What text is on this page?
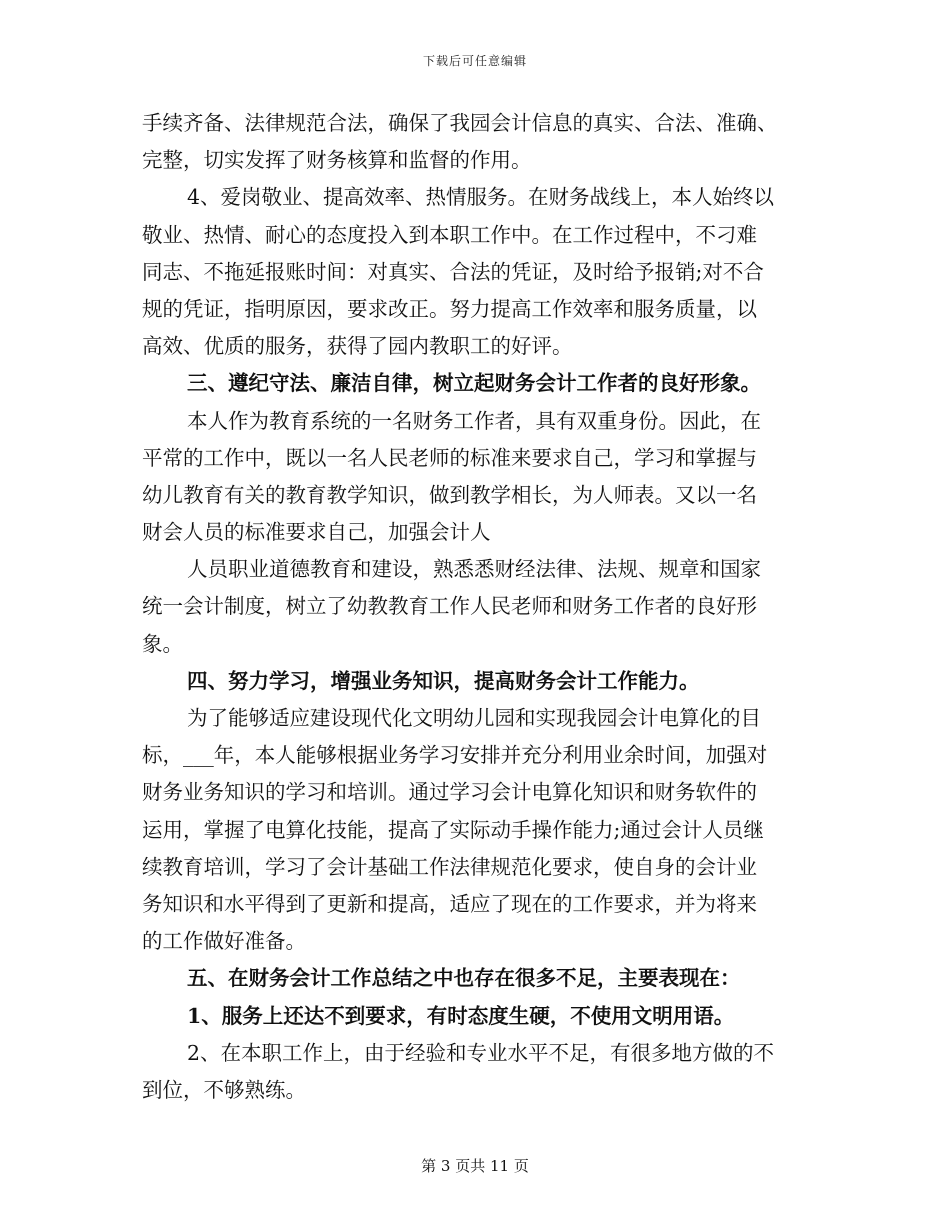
下载后可任意编辑
手续齐备、法律规范合法，确保了我园会计信息的真实、合法、准确、
完整，切实发挥了财务核算和监督的作用。
4、爱岗敬业、提高效率、热情服务。在财务战线上，本人始终以
敬业、热情、耐心的态度投入到本职工作中。在工作过程中，不刁难
同志、不拖延报账时间：对真实、合法的凭证，及时给予报销;对不合
规的凭证，指明原因，要求改正。努力提高工作效率和服务质量，以
高效、优质的服务，获得了园内教职工的好评。
三、遵纪守法、廉洁自律，树立起财务会计工作者的良好形象。
本人作为教育系统的一名财务工作者，具有双重身份。因此，在
平常的工作中，既以一名人民老师的标准来要求自己，学习和掌握与
幼儿教育有关的教育教学知识，做到教学相长，为人师表。又以一名
财会人员的标准要求自己，加强会计人
人员职业道德教育和建设，熟悉悉财经法律、法规、规章和国家
统一会计制度，树立了幼教教育工作人民老师和财务工作者的良好形
象。
四、努力学习，增强业务知识，提高财务会计工作能力。
为了能够适应建设现代化文明幼儿园和实现我园会计电算化的目
标，___年，本人能够根据业务学习安排并充分利用业余时间，加强对
财务业务知识的学习和培训。通过学习会计电算化知识和财务软件的
运用，掌握了电算化技能，提高了实际动手操作能力;通过会计人员继
续教育培训，学习了会计基础工作法律规范化要求，使自身的会计业
务知识和水平得到了更新和提高，适应了现在的工作要求，并为将来
的工作做好准备。
五、在财务会计工作总结之中也存在很多不足，主要表现在：
1、服务上还达不到要求，有时态度生硬，不使用文明用语。
2、在本职工作上，由于经验和专业水平不足，有很多地方做的不
到位，不够熟练。
第 3 页共 11 页
